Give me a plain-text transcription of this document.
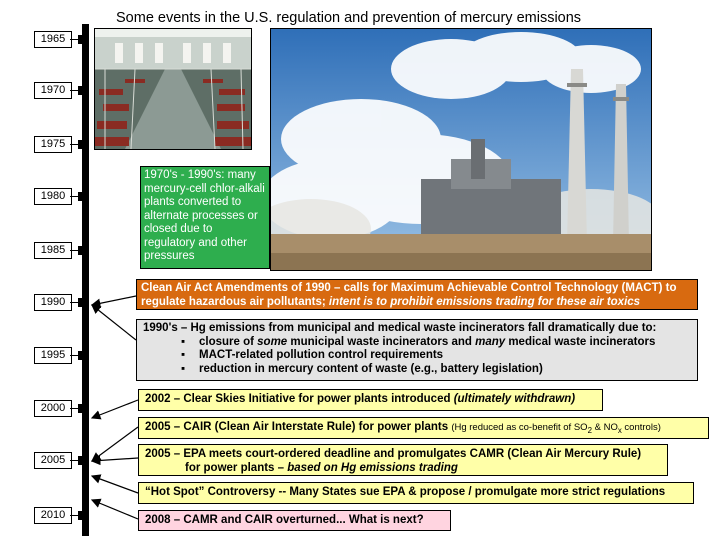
Some events in the U.S. regulation and prevention of mercury emissions
1965
1970
1975
1980
1985
1990
1995
2000
2005
2010
1970's - 1990's: many mercury-cell chlor-alkali plants converted to alternate processes or closed due to regulatory and other pressures
Clean Air Act Amendments of 1990 – calls for Maximum Achievable Control Technology (MACT) to regulate hazardous air pollutants; intent is to prohibit emissions trading for these air toxics
1990's – Hg emissions from municipal and medical waste incinerators fall dramatically due to:
▪ closure of some municipal waste incinerators and many medical waste incinerators
▪ MACT-related pollution control requirements
▪ reduction in mercury content of waste (e.g., battery legislation)
2002 – Clear Skies Initiative for power plants introduced (ultimately withdrawn)
2005 – CAIR (Clean Air Interstate Rule) for power plants (Hg reduced as co-benefit of $SO_2$ & $NO_x$ controls)
2005 – EPA meets court-ordered deadline and promulgates CAMR (Clean Air Mercury Rule)
for power plants – based on Hg emissions trading
“Hot Spot” Controversy -- Many States sue EPA & propose / promulgate more strict regulations
2008 – CAMR and CAIR overturned... What is next?
